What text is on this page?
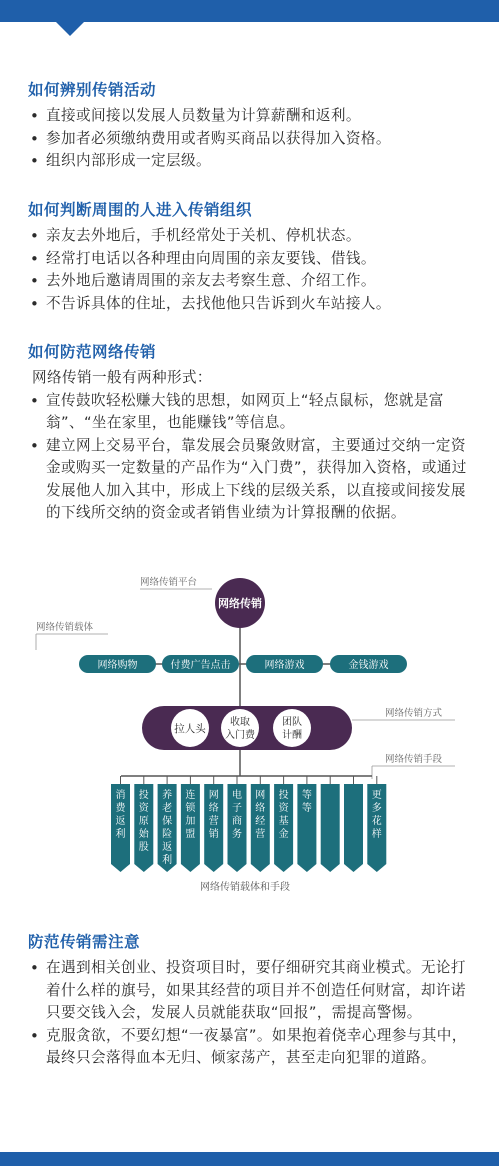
如何辨别传销活动
• 直接或间接以发展人员数量为计算薪酬和返利。
• 参加者必须缴纳费用或者购买商品以获得加入资格。
• 组织内部形成一定层级。
如何判断周围的人进入传销组织
• 亲友去外地后，手机经常处于关机、停机状态。
• 经常打电话以各种理由向周围的亲友要钱、借钱。
• 去外地后邀请周围的亲友去考察生意、介绍工作。
• 不告诉具体的住址，去找他他只告诉到火车站接人。
如何防范网络传销
网络传销一般有两种形式：
• 宣传鼓吹轻松赚大钱的思想，如网页上“轻点鼠标，您就是富翁”、“坐在家里，也能赚钱”等信息。
• 建立网上交易平台，靠发展会员聚敛财富，主要通过交纳一定资金或购买一定数量的产品作为“入门费”，获得加入资格，或通过发展他人加入其中，形成上下线的层级关系，以直接或间接发展的下线所交纳的资金或者销售业绩为计算报酬的依据。
防范传销需注意
• 在遇到相关创业、投资项目时，要仔细研究其商业模式。无论打着什么样的旗号，如果其经营的项目并不创造任何财富，却许诺只要交钱入会，发展人员就能获取“回报”，需提高警惕。
• 克服贪欲，不要幻想“一夜暴富”。如果抱着侥幸心理参与其中，最终只会落得血本无归、倾家荡产，甚至走向犯罪的道路。
网络传销平台
网络传销
网络传销载体
网络购物	付费广告点击	网络游戏	金钱游戏
网络传销方式
拉人头
收取
入门费
团队
计酬
网络传销手段
消
费
返
利
投
资
原
始
股
养
老
保
险
返
利
连
锁
加
盟
网
络
营
销
电
子
商
务
网
络
经
营
投
资
基
金
等
等
更
多
花
样
网络传销载体和手段
